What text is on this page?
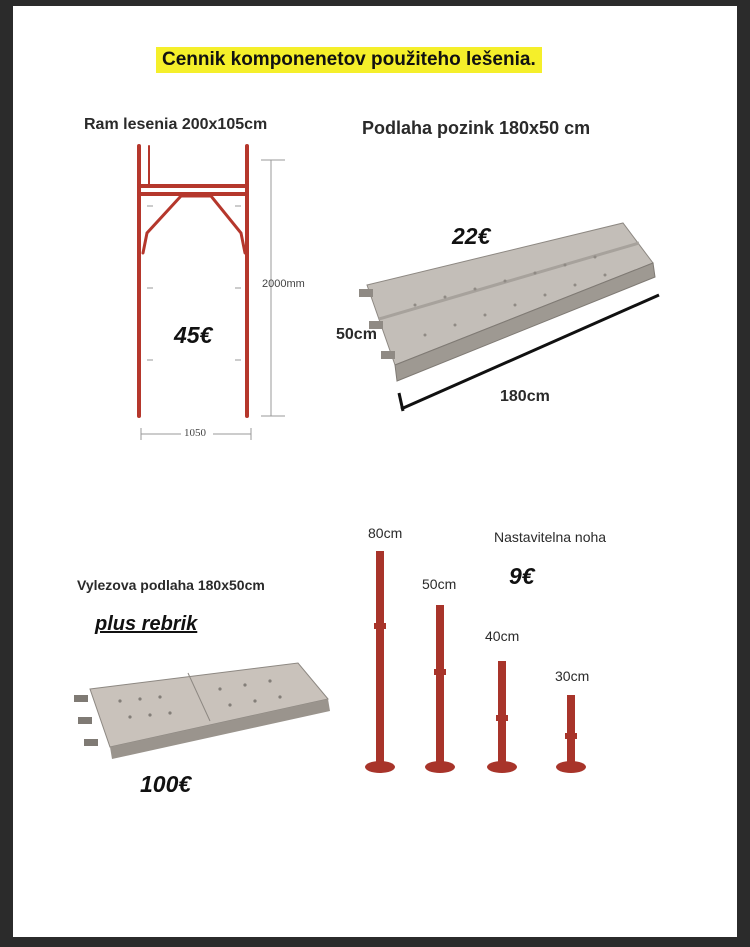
Cennik komponenetov použiteho lešenia.
Ram lesenia 200x105cm
2000mm
1050
45€
Podlaha pozink 180x50 cm
22€
50cm
180cm
Vylezova podlaha 180x50cm
plus rebrik
100€
Nastavitelna noha
9€
80cm
50cm
40cm
30cm
